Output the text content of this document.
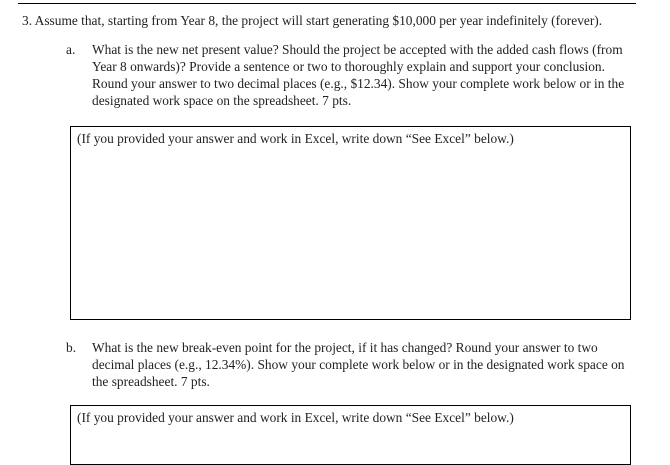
3. Assume that, starting from Year 8, the project will start generating $10,000 per year indefinitely (forever).
a. What is the new net present value? Should the project be accepted with the added cash flows (from Year 8 onwards)? Provide a sentence or two to thoroughly explain and support your conclusion. Round your answer to two decimal places (e.g., $12.34). Show your complete work below or in the designated work space on the spreadsheet. 7 pts.
(If you provided your answer and work in Excel, write down “See Excel” below.)
b. What is the new break-even point for the project, if it has changed? Round your answer to two decimal places (e.g., 12.34%). Show your complete work below or in the designated work space on the spreadsheet. 7 pts.
(If you provided your answer and work in Excel, write down “See Excel” below.)
